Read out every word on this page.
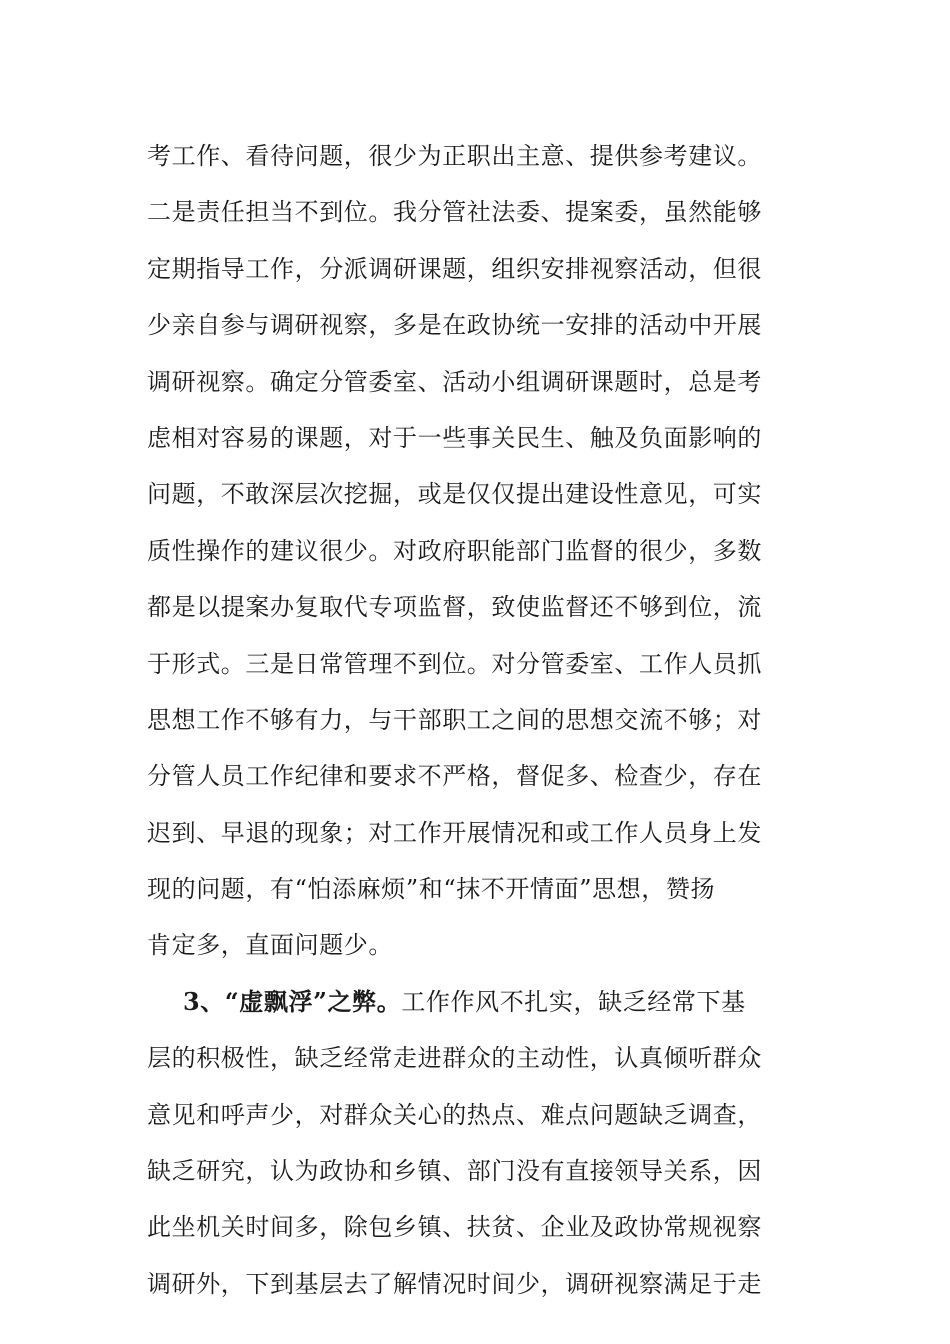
考工作、看待问题，很少为正职出主意、提供参考建议。
二是责任担当不到位。我分管社法委、提案委，虽然能够
定期指导工作，分派调研课题，组织安排视察活动，但很
少亲自参与调研视察，多是在政协统一安排的活动中开展
调研视察。确定分管委室、活动小组调研课题时，总是考
虑相对容易的课题，对于一些事关民生、触及负面影响的
问题，不敢深层次挖掘，或是仅仅提出建设性意见，可实
质性操作的建议很少。对政府职能部门监督的很少，多数
都是以提案办复取代专项监督，致使监督还不够到位，流
于形式。三是日常管理不到位。对分管委室、工作人员抓
思想工作不够有力，与干部职工之间的思想交流不够；对
分管人员工作纪律和要求不严格，督促多、检查少，存在
迟到、早退的现象；对工作开展情况和或工作人员身上发
现的问题，有“怕添麻烦”和“抹不开情面”思想，赞扬
肯定多，直面问题少。
3、“虚飘浮”之弊。工作作风不扎实，缺乏经常下基
层的积极性，缺乏经常走进群众的主动性，认真倾听群众
意见和呼声少，对群众关心的热点、难点问题缺乏调查，
缺乏研究，认为政协和乡镇、部门没有直接领导关系，因
此坐机关时间多，除包乡镇、扶贫、企业及政协常规视察
调研外，下到基层去了解情况时间少，调研视察满足于走
